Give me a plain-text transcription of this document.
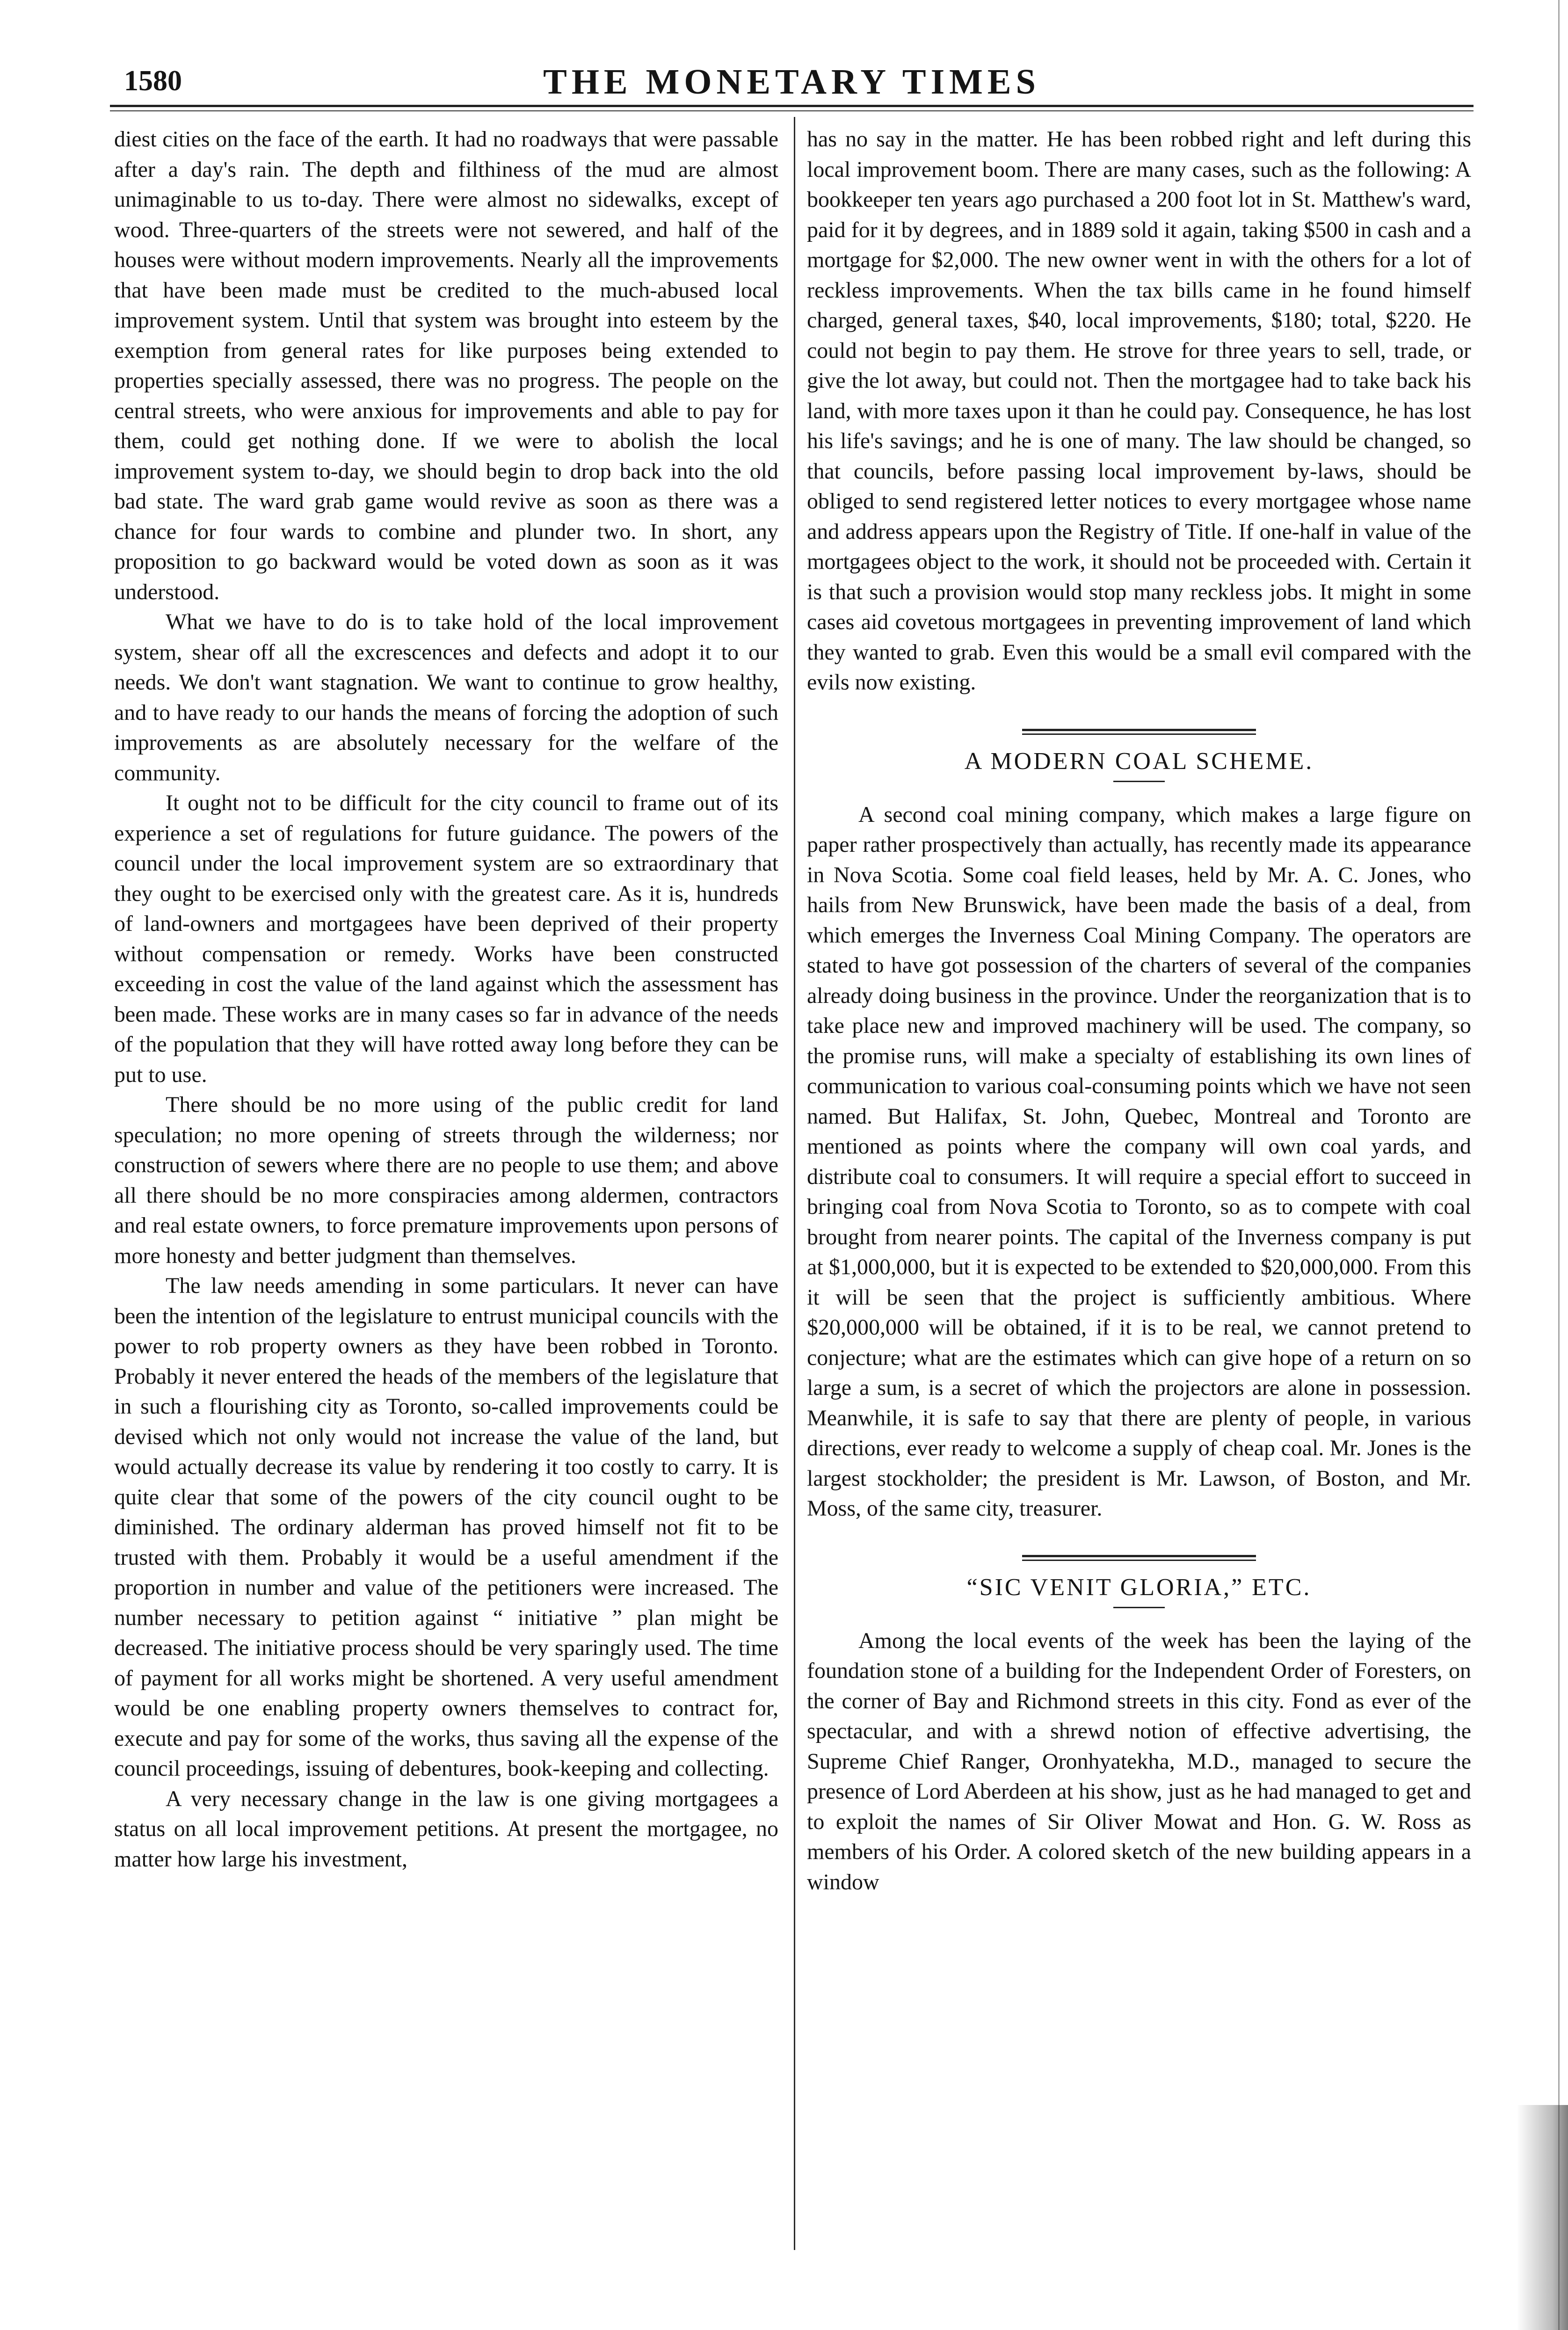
1580	THE MONETARY TIMES

diest cities on the face of the earth. It had no roadways that were passable after a day's rain. The depth and filthiness of the mud are almost unimaginable to us to-day. There were almost no sidewalks, except of wood. Three-quarters of the streets were not sewered, and half of the houses were without modern improvements. Nearly all the improvements that have been made must be credited to the much-abused local improvement system. Until that system was brought into esteem by the exemption from general rates for like purposes being extended to properties specially assessed, there was no progress. The people on the central streets, who were anxious for improvements and able to pay for them, could get nothing done. If we were to abolish the local improvement system to-day, we should begin to drop back into the old bad state. The ward grab game would revive as soon as there was a chance for four wards to combine and plunder two. In short, any proposition to go backward would be voted down as soon as it was understood.

What we have to do is to take hold of the local improvement system, shear off all the excrescences and defects and adopt it to our needs. We don't want stagnation. We want to continue to grow healthy, and to have ready to our hands the means of forcing the adoption of such improvements as are absolutely necessary for the welfare of the community.

It ought not to be difficult for the city council to frame out of its experience a set of regulations for future guidance. The powers of the council under the local improvement system are so extraordinary that they ought to be exercised only with the greatest care. As it is, hundreds of land-owners and mortgagees have been deprived of their property without compensation or remedy. Works have been constructed exceeding in cost the value of the land against which the assessment has been made. These works are in many cases so far in advance of the needs of the population that they will have rotted away long before they can be put to use.

There should be no more using of the public credit for land speculation; no more opening of streets through the wilderness; nor construction of sewers where there are no people to use them; and above all there should be no more conspiracies among aldermen, contractors and real estate owners, to force premature improvements upon persons of more honesty and better judgment than themselves.

The law needs amending in some particulars. It never can have been the intention of the legislature to entrust municipal councils with the power to rob property owners as they have been robbed in Toronto. Probably it never entered the heads of the members of the legislature that in such a flourishing city as Toronto, so-called improvements could be devised which not only would not increase the value of the land, but would actually decrease its value by rendering it too costly to carry. It is quite clear that some of the powers of the city council ought to be diminished. The ordinary alderman has proved himself not fit to be trusted with them. Probably it would be a useful amendment if the proportion in number and value of the petitioners were increased. The number necessary to petition against “ initiative ” plan might be decreased. The initiative process should be very sparingly used. The time of payment for all works might be shortened. A very useful amendment would be one enabling property owners themselves to contract for, execute and pay for some of the works, thus saving all the expense of the council proceedings, issuing of debentures, book-keeping and collecting.

A very necessary change in the law is one giving mortgagees a status on all local improvement petitions. At present the mortgagee, no matter how large his investment,

has no say in the matter. He has been robbed right and left during this local improvement boom. There are many cases, such as the following: A bookkeeper ten years ago purchased a 200 foot lot in St. Matthew's ward, paid for it by degrees, and in 1889 sold it again, taking $500 in cash and a mortgage for $2,000. The new owner went in with the others for a lot of reckless improvements. When the tax bills came in he found himself charged, general taxes, $40, local improvements, $180; total, $220. He could not begin to pay them. He strove for three years to sell, trade, or give the lot away, but could not. Then the mortgagee had to take back his land, with more taxes upon it than he could pay. Consequence, he has lost his life's savings; and he is one of many. The law should be changed, so that councils, before passing local improvement by-laws, should be obliged to send registered letter notices to every mortgagee whose name and address appears upon the Registry of Title. If one-half in value of the mortgagees object to the work, it should not be proceeded with. Certain it is that such a provision would stop many reckless jobs. It might in some cases aid covetous mortgagees in preventing improvement of land which they wanted to grab. Even this would be a small evil compared with the evils now existing.

A MODERN COAL SCHEME.

A second coal mining company, which makes a large figure on paper rather prospectively than actually, has recently made its appearance in Nova Scotia. Some coal field leases, held by Mr. A. C. Jones, who hails from New Brunswick, have been made the basis of a deal, from which emerges the Inverness Coal Mining Company. The operators are stated to have got possession of the charters of several of the companies already doing business in the province. Under the reorganization that is to take place new and improved machinery will be used. The company, so the promise runs, will make a specialty of establishing its own lines of communication to various coal-consuming points which we have not seen named. But Halifax, St. John, Quebec, Montreal and Toronto are mentioned as points where the company will own coal yards, and distribute coal to consumers. It will require a special effort to succeed in bringing coal from Nova Scotia to Toronto, so as to compete with coal brought from nearer points. The capital of the Inverness company is put at $1,000,000, but it is expected to be extended to $20,000,000. From this it will be seen that the project is sufficiently ambitious. Where $20,000,000 will be obtained, if it is to be real, we cannot pretend to conjecture; what are the estimates which can give hope of a return on so large a sum, is a secret of which the projectors are alone in possession. Meanwhile, it is safe to say that there are plenty of people, in various directions, ever ready to welcome a supply of cheap coal. Mr. Jones is the largest stockholder; the president is Mr. Lawson, of Boston, and Mr. Moss, of the same city, treasurer.

“SIC VENIT GLORIA,” ETC.

Among the local events of the week has been the laying of the foundation stone of a building for the Independent Order of Foresters, on the corner of Bay and Richmond streets in this city. Fond as ever of the spectacular, and with a shrewd notion of effective advertising, the Supreme Chief Ranger, Oronhyatekha, M.D., managed to secure the presence of Lord Aberdeen at his show, just as he had managed to get and to exploit the names of Sir Oliver Mowat and Hon. G. W. Ross as members of his Order. A colored sketch of the new building appears in a window
